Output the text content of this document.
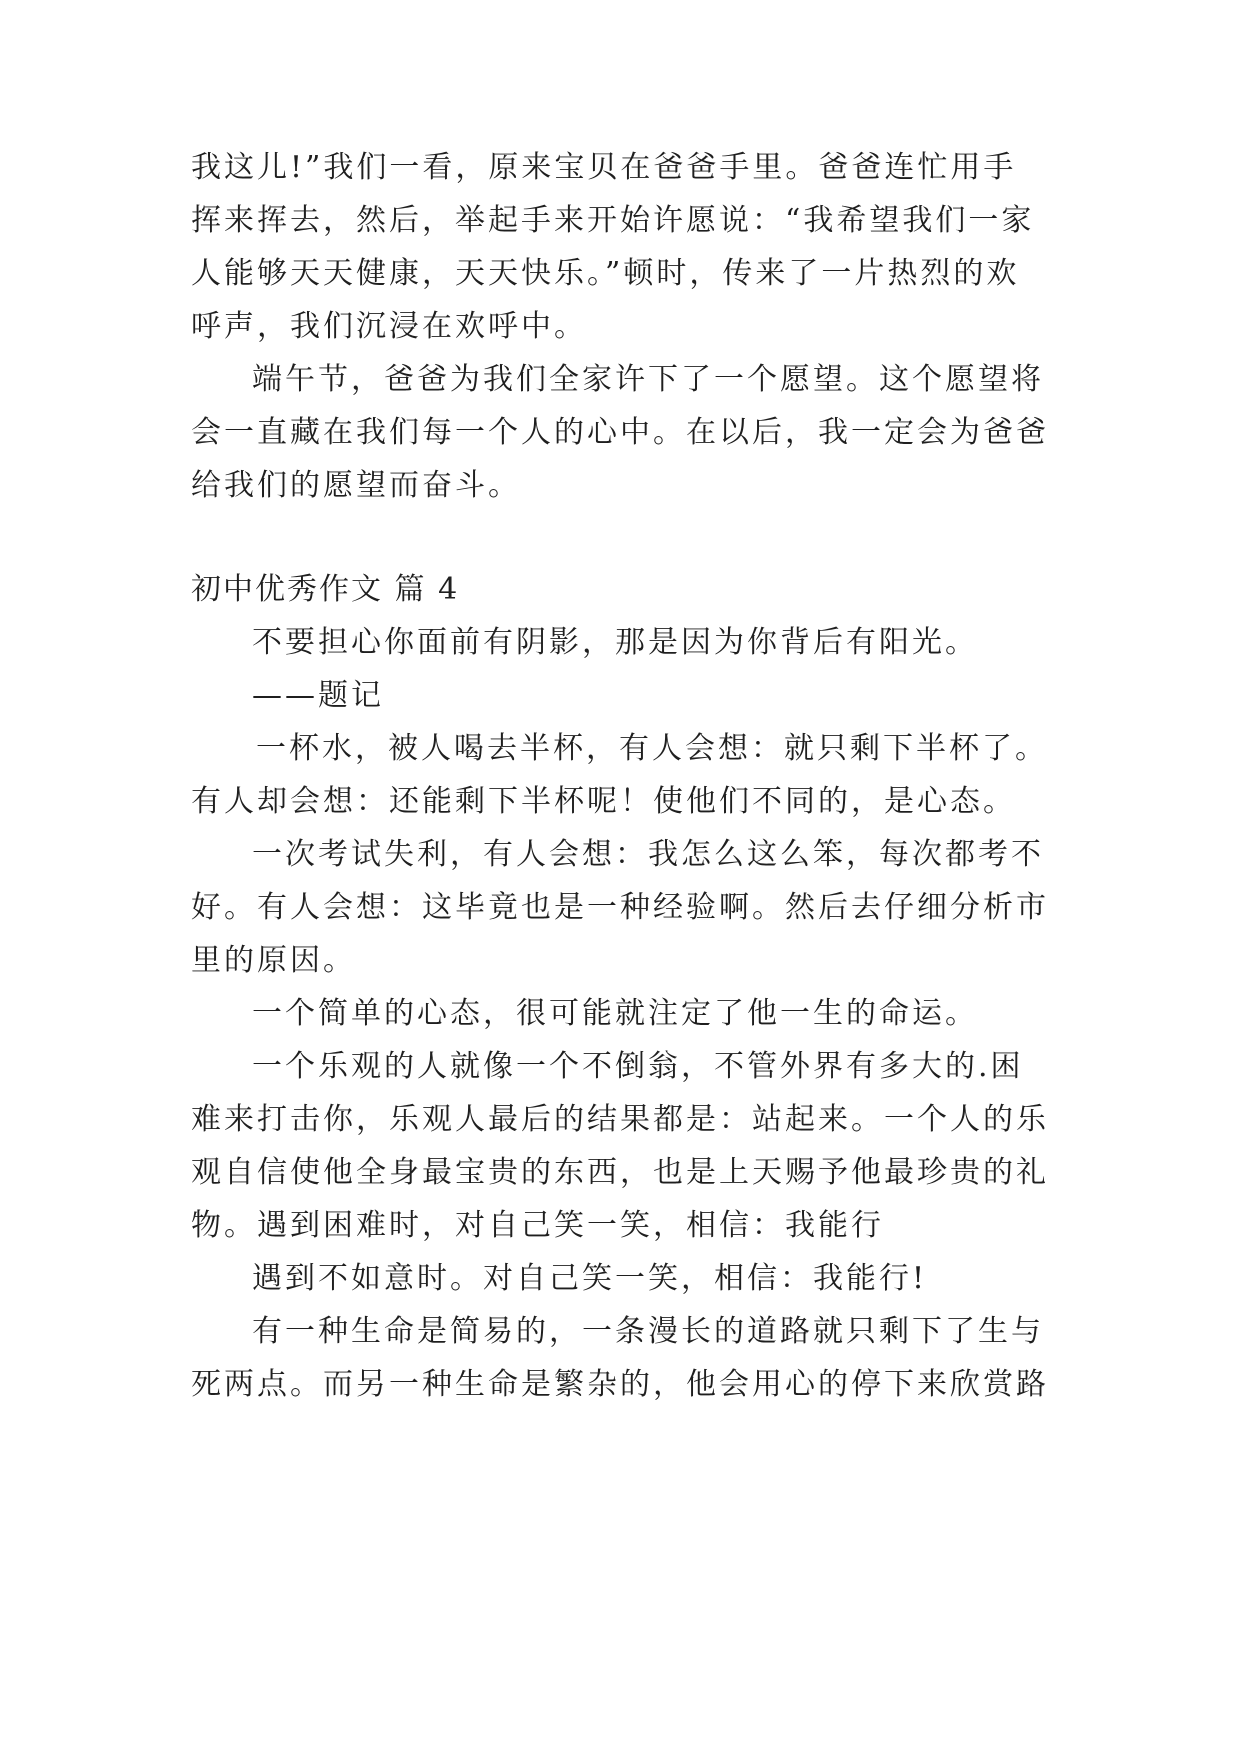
我这儿!”我们一看，原来宝贝在爸爸手里。爸爸连忙用手
挥来挥去，然后，举起手来开始许愿说：“我希望我们一家
人能够天天健康，天天快乐。”顿时，传来了一片热烈的欢
呼声，我们沉浸在欢呼中。
端午节，爸爸为我们全家许下了一个愿望。这个愿望将
会一直藏在我们每一个人的心中。在以后，我一定会为爸爸
给我们的愿望而奋斗。
初中优秀作文 篇 4
不要担心你面前有阴影，那是因为你背后有阳光。
——题记
一杯水，被人喝去半杯，有人会想：就只剩下半杯了。
有人却会想：还能剩下半杯呢！使他们不同的，是心态。
一次考试失利，有人会想：我怎么这么笨，每次都考不
好。有人会想：这毕竟也是一种经验啊。然后去仔细分析市
里的原因。
一个简单的心态，很可能就注定了他一生的命运。
一个乐观的人就像一个不倒翁，不管外界有多大的.困
难来打击你，乐观人最后的结果都是：站起来。一个人的乐
观自信使他全身最宝贵的东西，也是上天赐予他最珍贵的礼
物。遇到困难时，对自己笑一笑，相信：我能行
遇到不如意时。对自己笑一笑，相信：我能行!
有一种生命是简易的，一条漫长的道路就只剩下了生与
死两点。而另一种生命是繁杂的，他会用心的停下来欣赏路
